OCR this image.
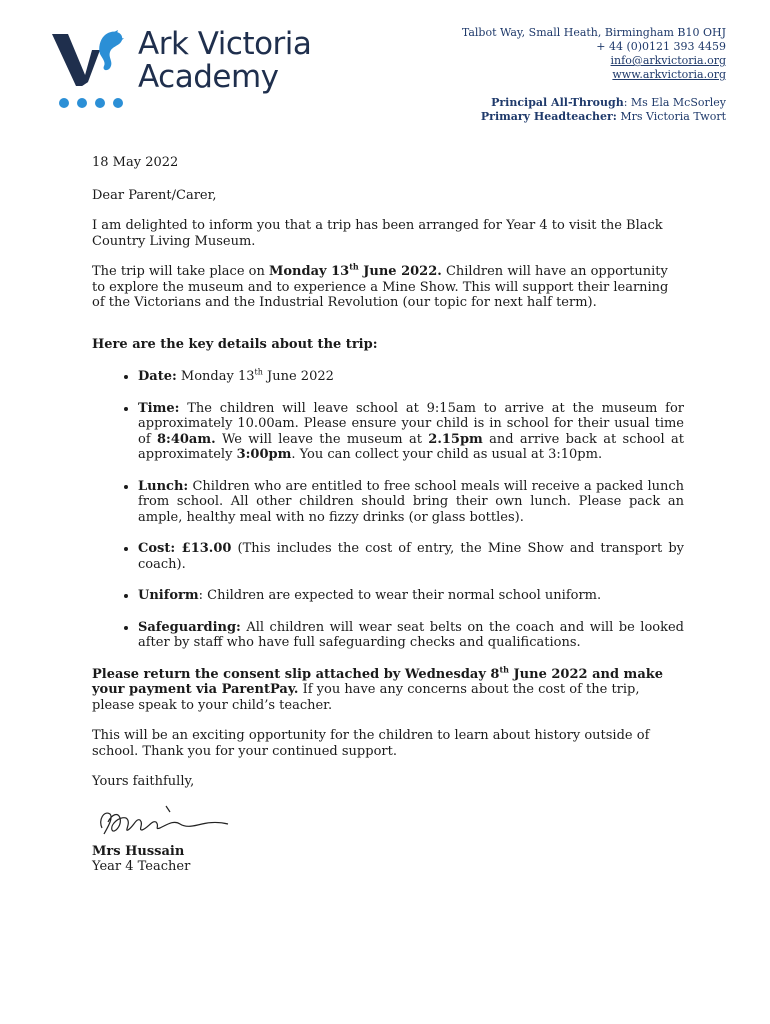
Ark Victoria
Academy
Talbot Way, Small Heath, Birmingham B10 OHJ
+ 44 (0)0121 393 4459
info@arkvictoria.org
www.arkvictoria.org
Principal All-Through: Ms Ela McSorley
Primary Headteacher: Mrs Victoria Twort

18 May 2022

Dear Parent/Carer,

I am delighted to inform you that a trip has been arranged for Year 4 to visit the Black Country Living Museum.

The trip will take place on Monday 13th June 2022. Children will have an opportunity to explore the museum and to experience a Mine Show. This will support their learning of the Victorians and the Industrial Revolution (our topic for next half term).

Here are the key details about the trip:
• Date: Monday 13th June 2022
• Time: The children will leave school at 9:15am to arrive at the museum for approximately 10.00am. Please ensure your child is in school for their usual time of 8:40am. We will leave the museum at 2.15pm and arrive back at school at approximately 3:00pm. You can collect your child as usual at 3:10pm.
• Lunch: Children who are entitled to free school meals will receive a packed lunch from school. All other children should bring their own lunch. Please pack an ample, healthy meal with no fizzy drinks (or glass bottles).
• Cost: £13.00 (This includes the cost of entry, the Mine Show and transport by coach).
• Uniform: Children are expected to wear their normal school uniform.
• Safeguarding: All children will wear seat belts on the coach and will be looked after by staff who have full safeguarding checks and qualifications.

Please return the consent slip attached by Wednesday 8th June 2022 and make your payment via ParentPay. If you have any concerns about the cost of the trip, please speak to your child’s teacher.

This will be an exciting opportunity for the children to learn about history outside of school. Thank you for your continued support.

Yours faithfully,

Mrs Hussain
Year 4 Teacher
